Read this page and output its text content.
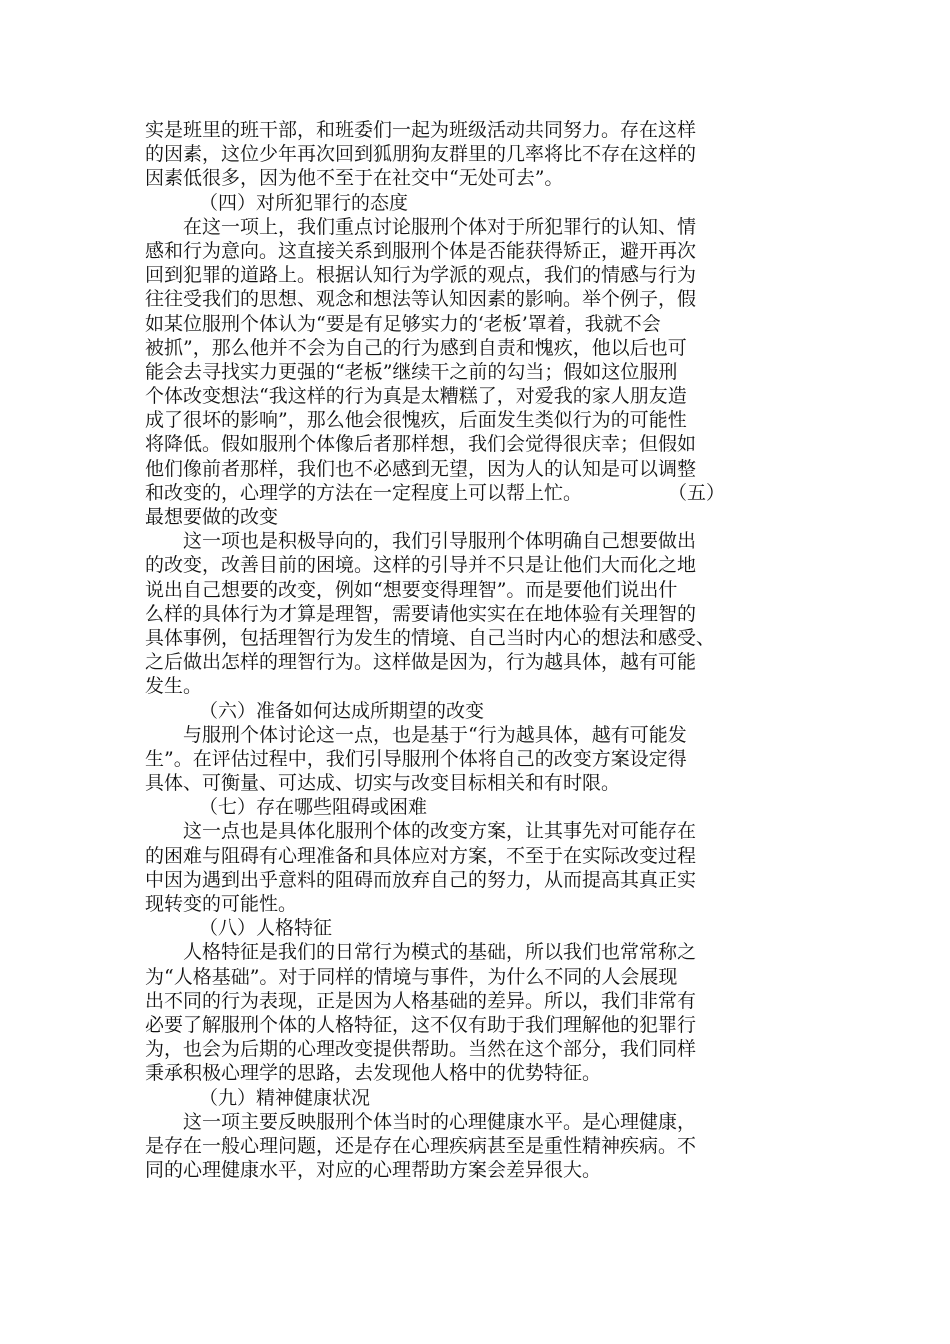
实是班里的班干部，和班委们一起为班级活动共同努力。存在这样
的因素，这位少年再次回到狐朋狗友群里的几率将比不存在这样的
因素低很多，因为他不至于在社交中“无处可去”。
（四）对所犯罪行的态度
在这一项上，我们重点讨论服刑个体对于所犯罪行的认知、情
感和行为意向。这直接关系到服刑个体是否能获得矫正，避开再次
回到犯罪的道路上。根据认知行为学派的观点，我们的情感与行为
往往受我们的思想、观念和想法等认知因素的影响。举个例子，假
如某位服刑个体认为“要是有足够实力的‘老板’罩着，我就不会
被抓”，那么他并不会为自己的行为感到自责和愧疚，他以后也可
能会去寻找实力更强的“老板”继续干之前的勾当；假如这位服刑
个体改变想法“我这样的行为真是太糟糕了，对爱我的家人朋友造
成了很坏的影响”，那么他会很愧疚，后面发生类似行为的可能性
将降低。假如服刑个体像后者那样想，我们会觉得很庆幸；但假如
他们像前者那样，我们也不必感到无望，因为人的认知是可以调整
和改变的，心理学的方法在一定程度上可以帮上忙。	（五）
最想要做的改变
这一项也是积极导向的，我们引导服刑个体明确自己想要做出
的改变，改善目前的困境。这样的引导并不只是让他们大而化之地
说出自己想要的改变，例如“想要变得理智”。而是要他们说出什
么样的具体行为才算是理智，需要请他实实在在地体验有关理智的
具体事例，包括理智行为发生的情境、自己当时内心的想法和感受、
之后做出怎样的理智行为。这样做是因为，行为越具体，越有可能
发生。
（六）准备如何达成所期望的改变
与服刑个体讨论这一点，也是基于“行为越具体，越有可能发
生”。在评估过程中，我们引导服刑个体将自己的改变方案设定得
具体、可衡量、可达成、切实与改变目标相关和有时限。
（七）存在哪些阻碍或困难
这一点也是具体化服刑个体的改变方案，让其事先对可能存在
的困难与阻碍有心理准备和具体应对方案，不至于在实际改变过程
中因为遇到出乎意料的阻碍而放弃自己的努力，从而提高其真正实
现转变的可能性。
（八）人格特征
人格特征是我们的日常行为模式的基础，所以我们也常常称之
为“人格基础”。对于同样的情境与事件，为什么不同的人会展现
出不同的行为表现，正是因为人格基础的差异。所以，我们非常有
必要了解服刑个体的人格特征，这不仅有助于我们理解他的犯罪行
为，也会为后期的心理改变提供帮助。当然在这个部分，我们同样
秉承积极心理学的思路，去发现他人格中的优势特征。
（九）精神健康状况
这一项主要反映服刑个体当时的心理健康水平。是心理健康，
是存在一般心理问题，还是存在心理疾病甚至是重性精神疾病。不
同的心理健康水平，对应的心理帮助方案会差异很大。
